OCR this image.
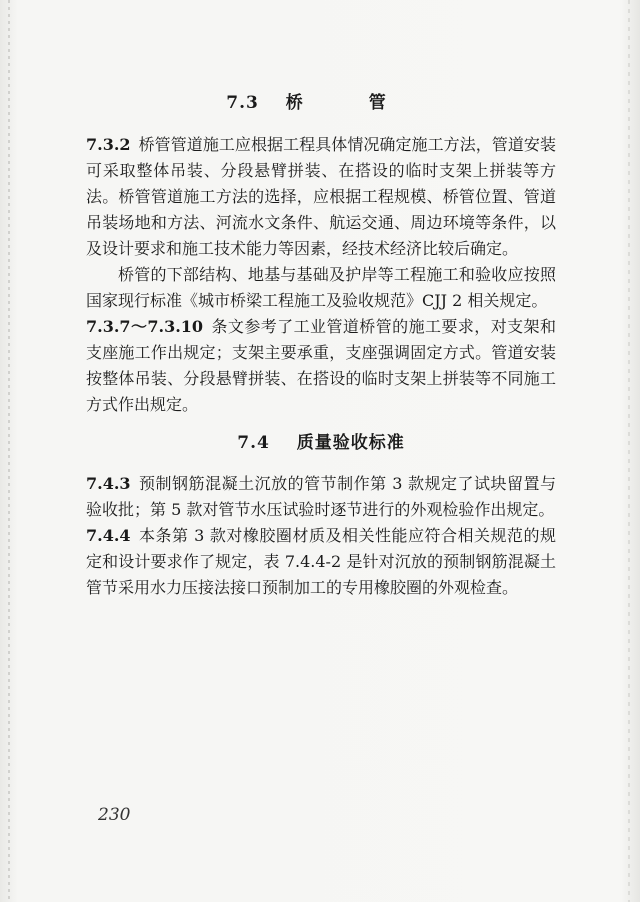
7.3 桥 管

7.3.2 桥管管道施工应根据工程具体情况确定施工方法，管道安装可采取整体吊装、分段悬臂拼装、在搭设的临时支架上拼装等方法。桥管管道施工方法的选择，应根据工程规模、桥管位置、管道吊装场地和方法、河流水文条件、航运交通、周边环境等条件，以及设计要求和施工技术能力等因素，经技术经济比较后确定。

桥管的下部结构、地基与基础及护岸等工程施工和验收应按照国家现行标准《城市桥梁工程施工及验收规范》CJJ 2 相关规定。

7.3.7～7.3.10 条文参考了工业管道桥管的施工要求，对支架和支座施工作出规定；支架主要承重，支座强调固定方式。管道安装按整体吊装、分段悬臂拼装、在搭设的临时支架上拼装等不同施工方式作出规定。

7.4 质量验收标准

7.4.3 预制钢筋混凝土沉放的管节制作第 3 款规定了试块留置与验收批；第 5 款对管节水压试验时逐节进行的外观检验作出规定。

7.4.4 本条第 3 款对橡胶圈材质及相关性能应符合相关规范的规定和设计要求作了规定，表 7.4.4-2 是针对沉放的预制钢筋混凝土管节采用水力压接法接口预制加工的专用橡胶圈的外观检查。

230
